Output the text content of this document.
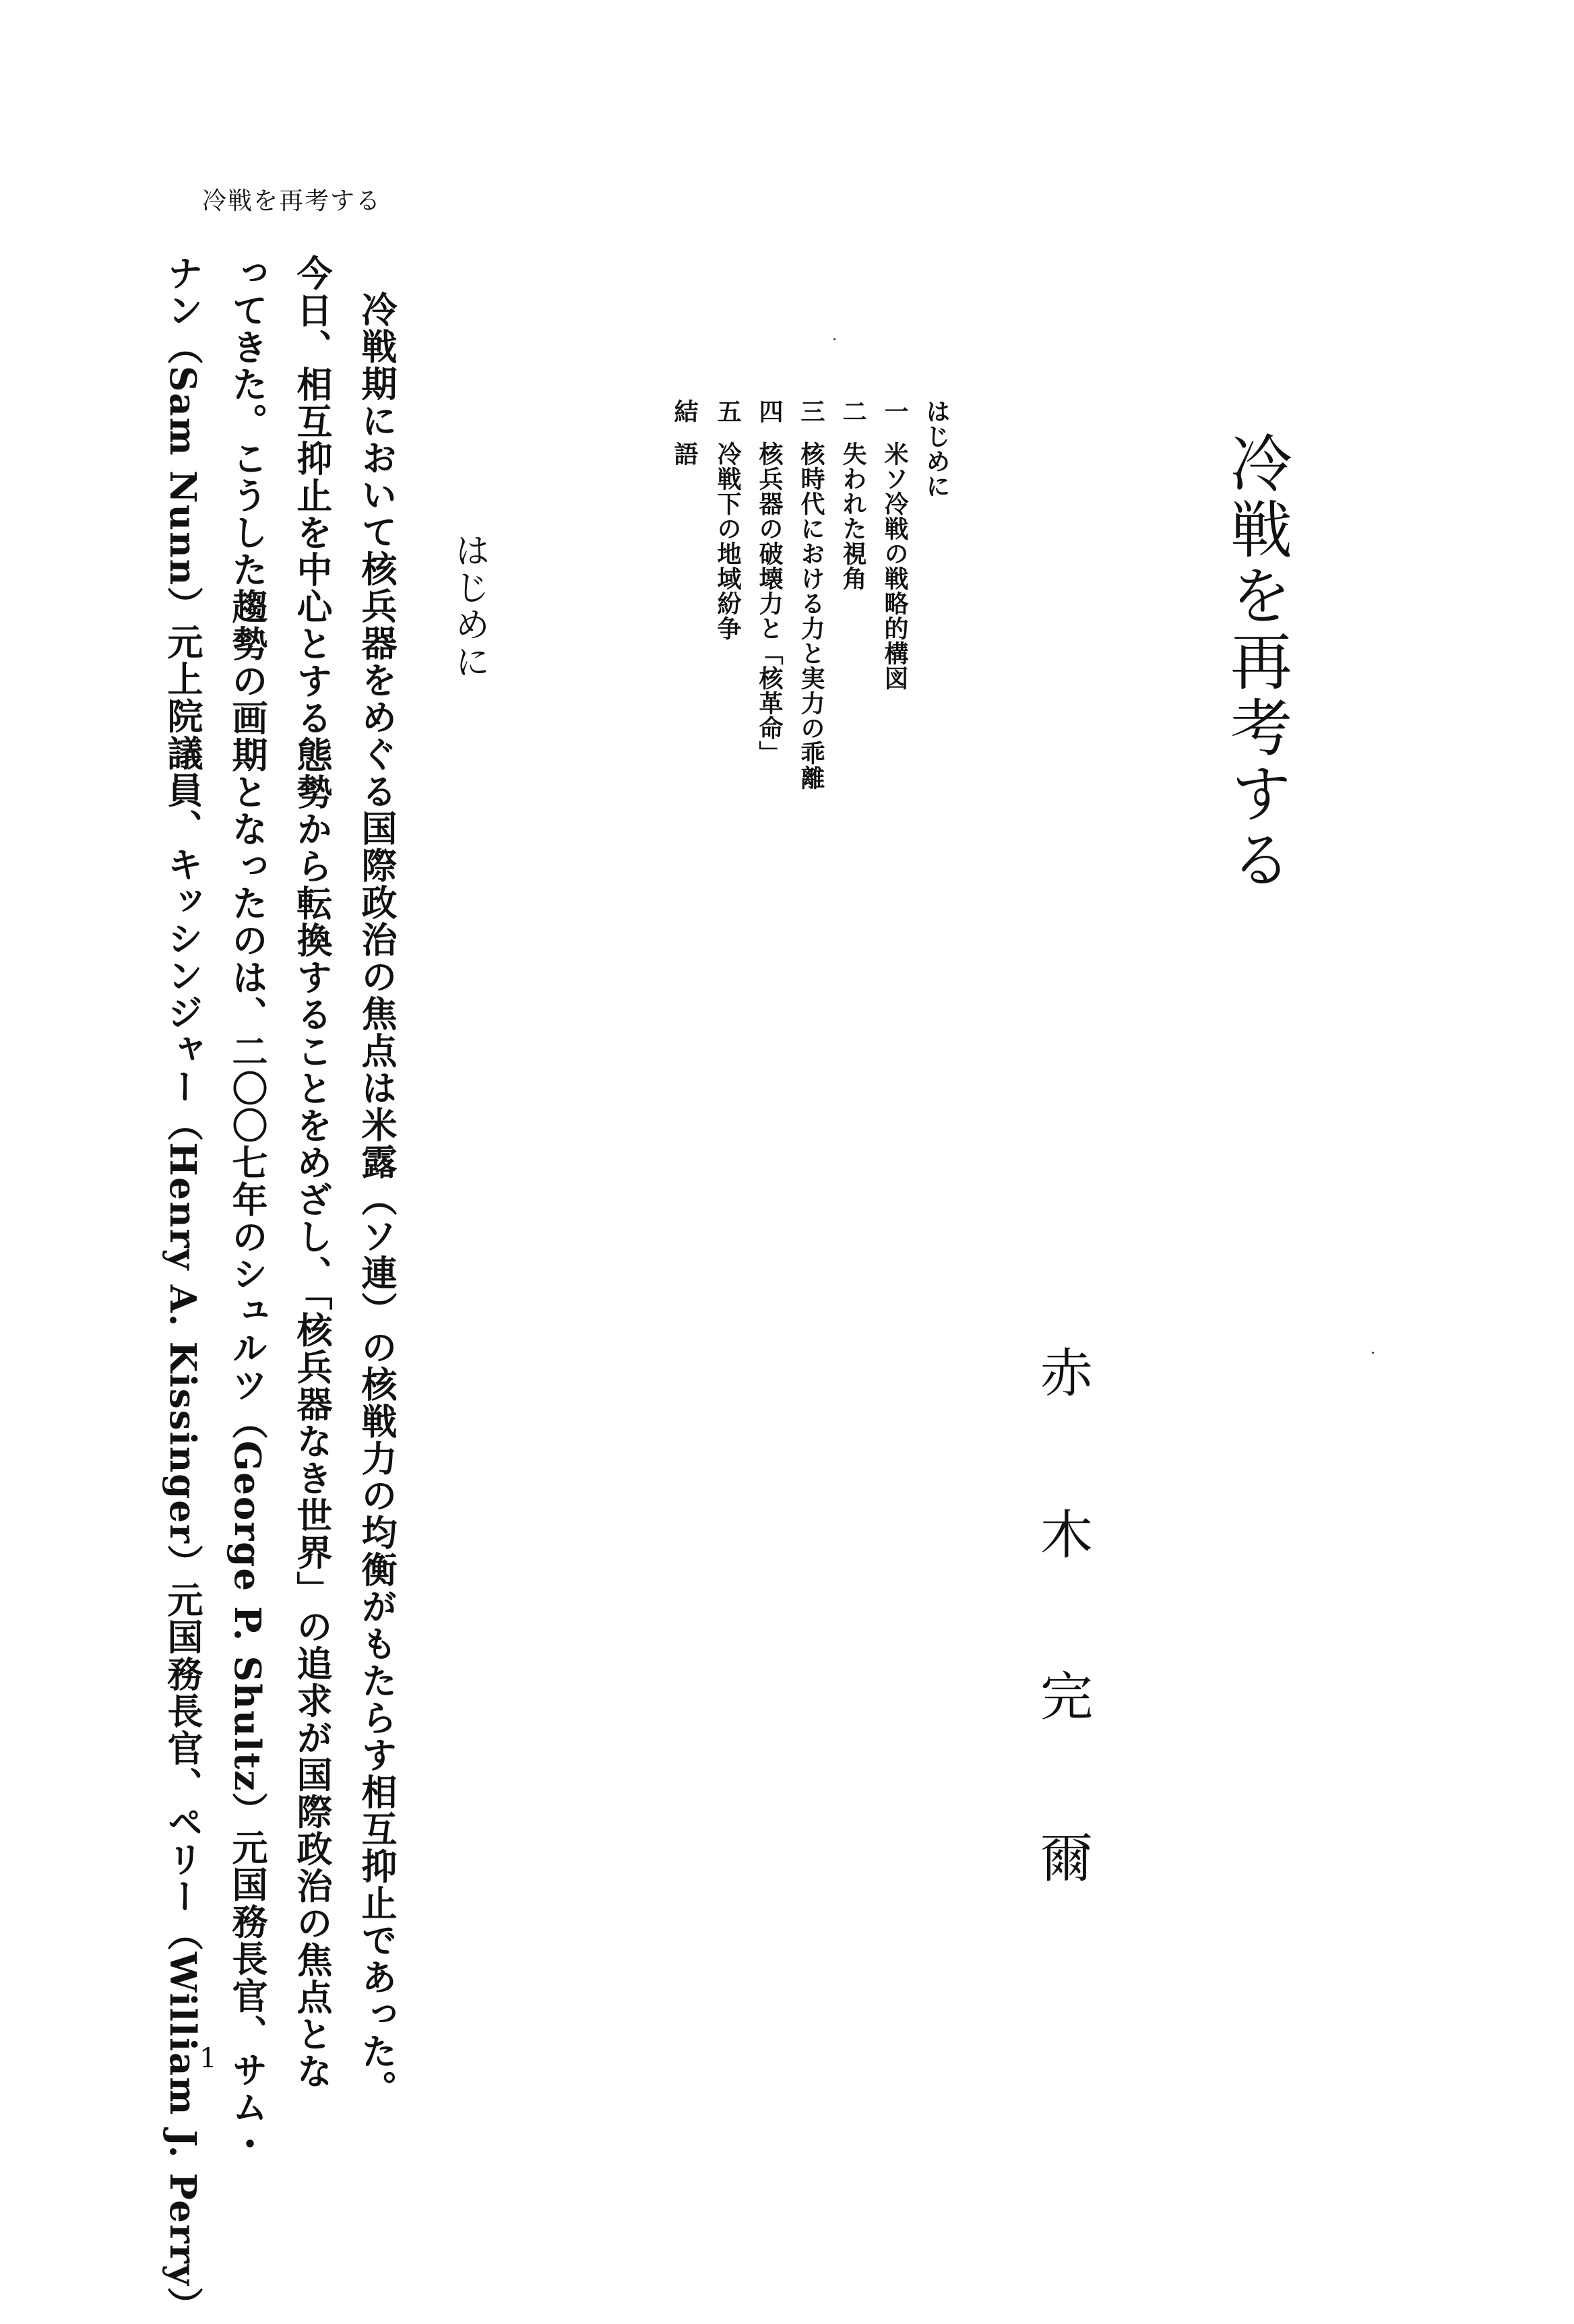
冷戦を再考する
冷戦を再考する
赤
木
完
爾
はじめに
一米ソ冷戦の戦略的構図
二失われた視角
三核時代における力と実力の乖離
四核兵器の破壊力と「核革命」
五冷戦下の地域紛争
結語
はじめに
冷戦期において核兵器をめぐる国際政治の焦点は米露（ソ連）の核戦力の均衡がもたらす相互抑止であった。
今日、相互抑止を中心とする態勢から転換することをめざし、「核兵器なき世界」の追求が国際政治の焦点とな
ってきた。こうした趨勢の画期となったのは、二〇〇七年のシュルツ（George P. Shultz）元国務長官、サム・
ナン（Sam Nunn）元上院議員、キッシンジャー（Henry A. Kissinger）元国務長官、ペリー（William J. Perry）
1
